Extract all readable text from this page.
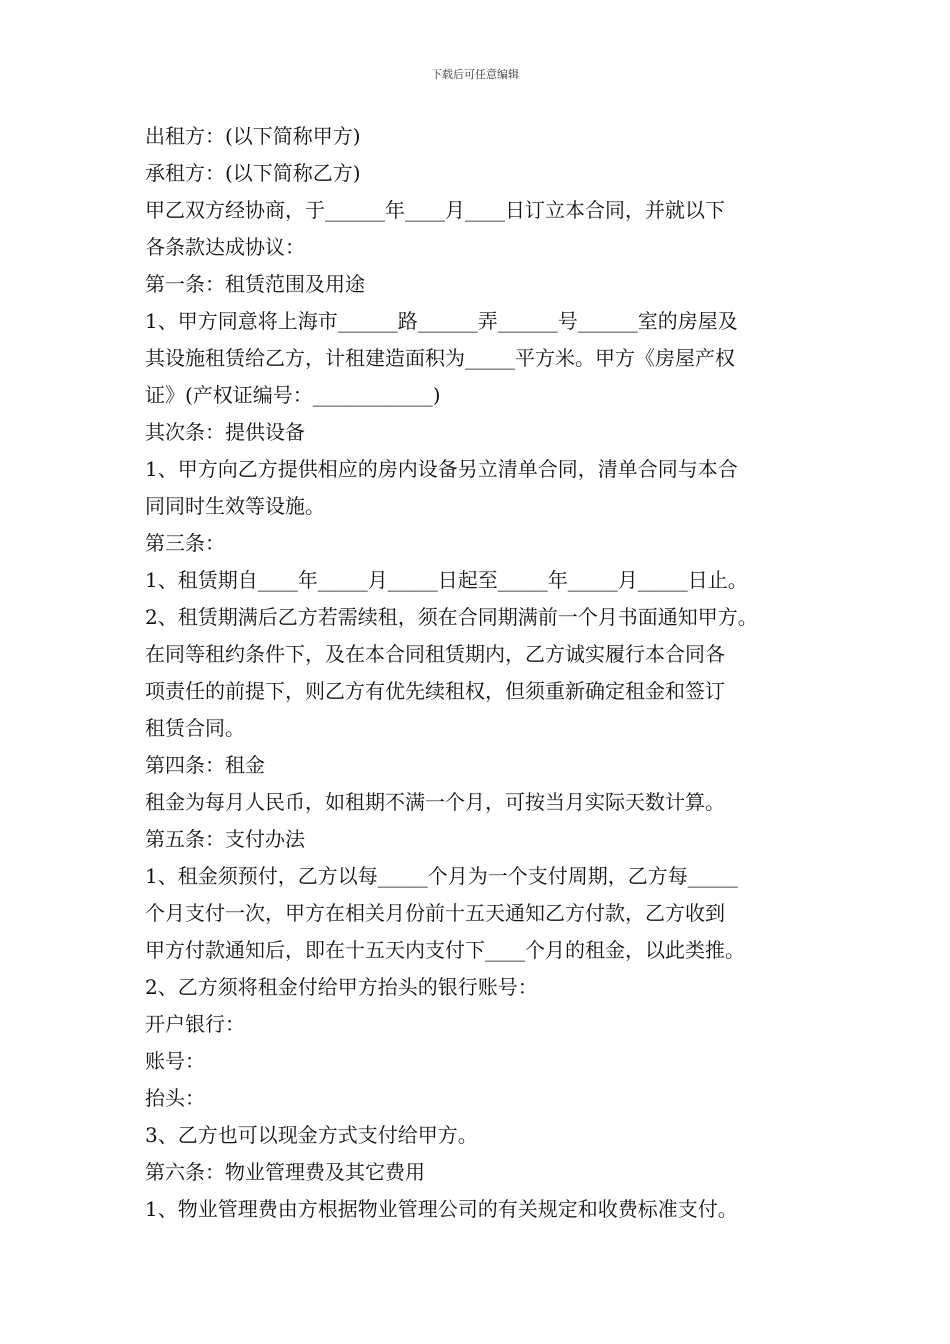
下载后可任意编辑
出租方：(以下简称甲方)
承租方：(以下简称乙方)
甲乙双方经协商，于______年____月____日订立本合同，并就以下
各条款达成协议：
第一条：租赁范围及用途
1、甲方同意将上海市______路______弄______号______室的房屋及
其设施租赁给乙方，计租建造面积为_____平方米。甲方《房屋产权
证》(产权证编号：____________)
其次条：提供设备
1、甲方向乙方提供相应的房内设备另立清单合同，清单合同与本合
同同时生效等设施。
第三条：
1、租赁期自____年_____月_____日起至_____年_____月_____日止。
2、租赁期满后乙方若需续租，须在合同期满前一个月书面通知甲方。
在同等租约条件下，及在本合同租赁期内，乙方诚实履行本合同各
项责任的前提下，则乙方有优先续租权，但须重新确定租金和签订
租赁合同。
第四条：租金
租金为每月人民币，如租期不满一个月，可按当月实际天数计算。
第五条：支付办法
1、租金须预付，乙方以每_____个月为一个支付周期，乙方每_____
个月支付一次，甲方在相关月份前十五天通知乙方付款，乙方收到
甲方付款通知后，即在十五天内支付下____个月的租金，以此类推。
2、乙方须将租金付给甲方抬头的银行账号：
开户银行：
账号：
抬头：
3、乙方也可以现金方式支付给甲方。
第六条：物业管理费及其它费用
1、物业管理费由方根据物业管理公司的有关规定和收费标准支付。
